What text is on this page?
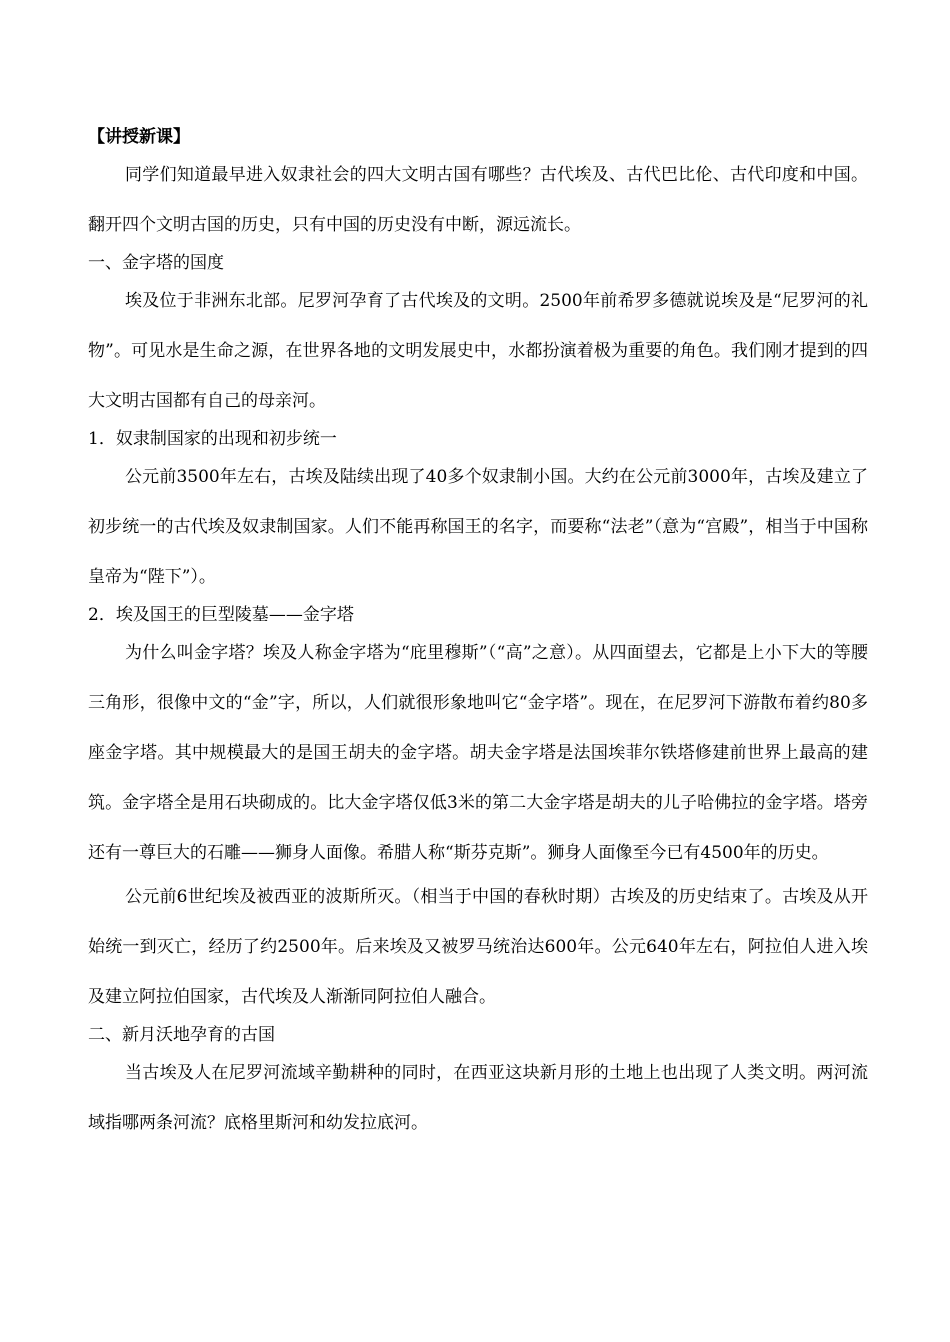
【讲授新课】

同学们知道最早进入奴隶社会的四大文明古国有哪些？古代埃及、古代巴比伦、古代印度和中国。翻开四个文明古国的历史，只有中国的历史没有中断，源远流长。

一、金字塔的国度

埃及位于非洲东北部。尼罗河孕育了古代埃及的文明。2500年前希罗多德就说埃及是“尼罗河的礼物”。可见水是生命之源，在世界各地的文明发展史中，水都扮演着极为重要的角色。我们刚才提到的四大文明古国都有自己的母亲河。

1．奴隶制国家的出现和初步统一

公元前3500年左右，古埃及陆续出现了40多个奴隶制小国。大约在公元前3000年，古埃及建立了初步统一的古代埃及奴隶制国家。人们不能再称国王的名字，而要称“法老”（意为“宫殿”，相当于中国称皇帝为“陛下”）。

2．埃及国王的巨型陵墓——金字塔

为什么叫金字塔？埃及人称金字塔为“庇里穆斯”（“高”之意）。从四面望去，它都是上小下大的等腰三角形，很像中文的“金”字，所以，人们就很形象地叫它“金字塔”。现在，在尼罗河下游散布着约80多座金字塔。其中规模最大的是国王胡夫的金字塔。胡夫金字塔是法国埃菲尔铁塔修建前世界上最高的建筑。金字塔全是用石块砌成的。比大金字塔仅低3米的第二大金字塔是胡夫的儿子哈佛拉的金字塔。塔旁还有一尊巨大的石雕——狮身人面像。希腊人称“斯芬克斯”。狮身人面像至今已有4500年的历史。

公元前6世纪埃及被西亚的波斯所灭。（相当于中国的春秋时期）古埃及的历史结束了。古埃及从开始统一到灭亡，经历了约2500年。后来埃及又被罗马统治达600年。公元640年左右，阿拉伯人进入埃及建立阿拉伯国家，古代埃及人渐渐同阿拉伯人融合。

二、新月沃地孕育的古国

当古埃及人在尼罗河流域辛勤耕种的同时，在西亚这块新月形的土地上也出现了人类文明。两河流域指哪两条河流？底格里斯河和幼发拉底河。
